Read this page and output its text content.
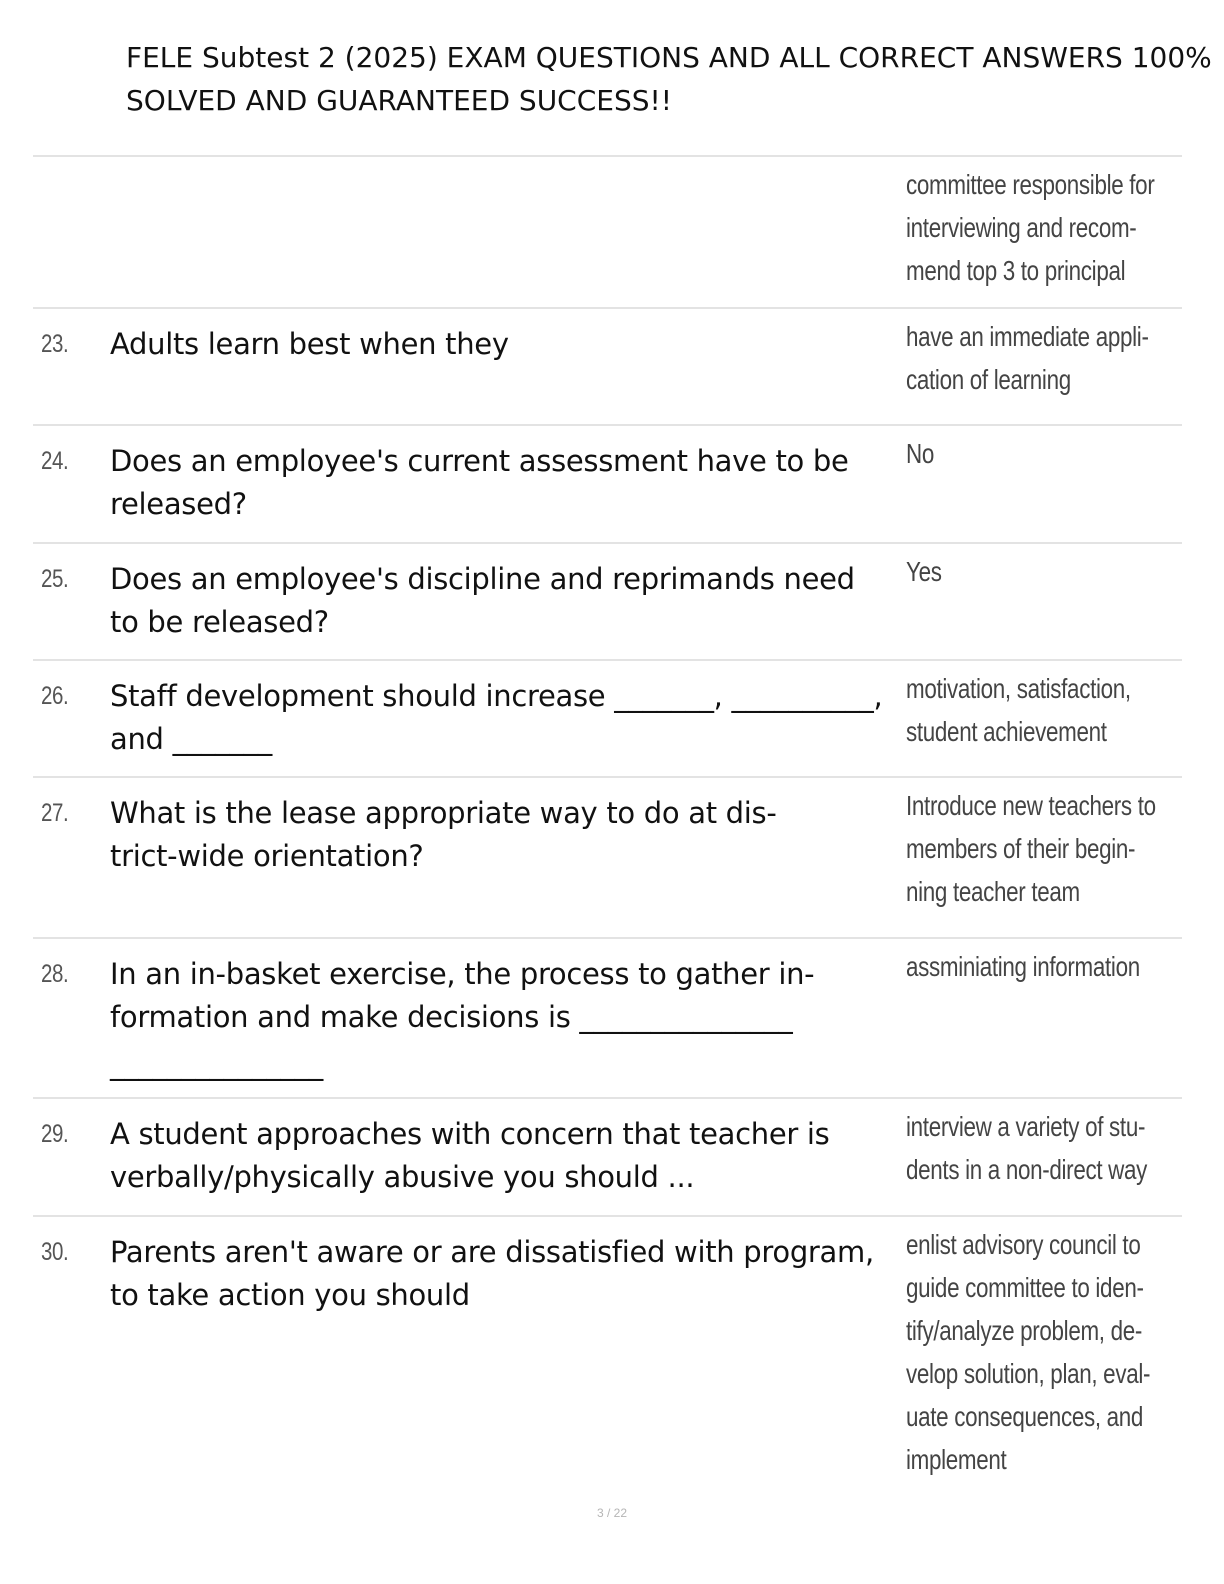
FELE Subtest 2 (2025) EXAM QUESTIONS AND ALL CORRECT ANSWERS 100%
SOLVED AND GUARANTEED SUCCESS!!
committee responsible for
interviewing and recom-
mend top 3 to principal
23. Adults learn best when they	have an immediate appli-
cation of learning
24. Does an employee's current assessment have to be
released?
No
25. Does an employee's discipline and reprimands need
to be released?
Yes
26. Staff development should increase _______, __________,
and _______
motivation, satisfaction,
student achievement
27. What is the lease appropriate way to do at dis-
trict-wide orientation?
Introduce new teachers to
members of their begin-
ning teacher team
28. In an in-basket exercise, the process to gather in-
formation and make decisions is _______________
_______________
assminiating information
29. A student approaches with concern that teacher is
verbally/physically abusive you should ...
interview a variety of stu-
dents in a non-direct way
30. Parents aren't aware or are dissatisfied with program,
to take action you should
enlist advisory council to
guide committee to iden-
tify/analyze problem, de-
velop solution, plan, eval-
uate consequences, and
implement
3 / 22
